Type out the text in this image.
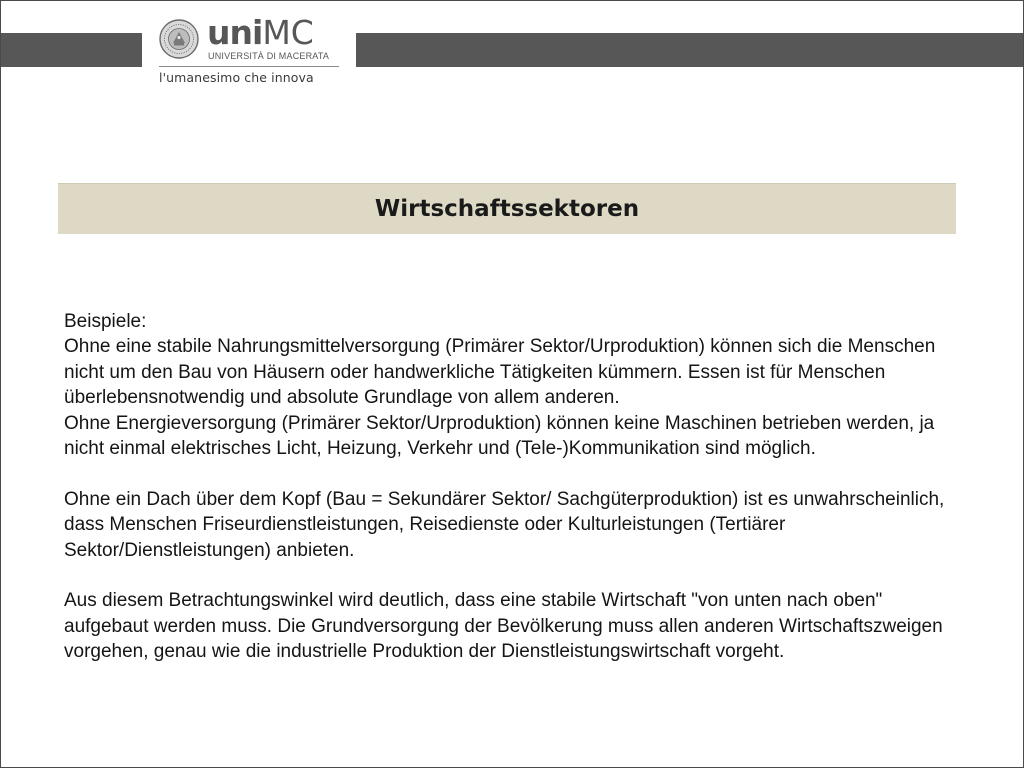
uniMC
UNIVERSITÀ DI MACERATA
l'umanesimo che innova
Wirtschaftssektoren

Beispiele:

Ohne eine stabile Nahrungsmittelversorgung (Primärer Sektor/Urproduktion) können sich die Menschen nicht um den Bau von Häusern oder handwerkliche Tätigkeiten kümmern. Essen ist für Menschen überlebensnotwendig und absolute Grundlage von allem anderen.

Ohne Energieversorgung (Primärer Sektor/Urproduktion) können keine Maschinen betrieben werden, ja nicht einmal elektrisches Licht, Heizung, Verkehr und (Tele-)Kommunikation sind möglich.

Ohne ein Dach über dem Kopf (Bau = Sekundärer Sektor/ Sachgüterproduktion) ist es unwahrscheinlich, dass Menschen Friseurdienstleistungen, Reisedienste oder Kulturleistungen (Tertiärer Sektor/Dienstleistungen) anbieten.

Aus diesem Betrachtungswinkel wird deutlich, dass eine stabile Wirtschaft "von unten nach oben" aufgebaut werden muss. Die Grundversorgung der Bevölkerung muss allen anderen Wirtschaftszweigen vorgehen, genau wie die industrielle Produktion der Dienstleistungswirtschaft vorgeht.
